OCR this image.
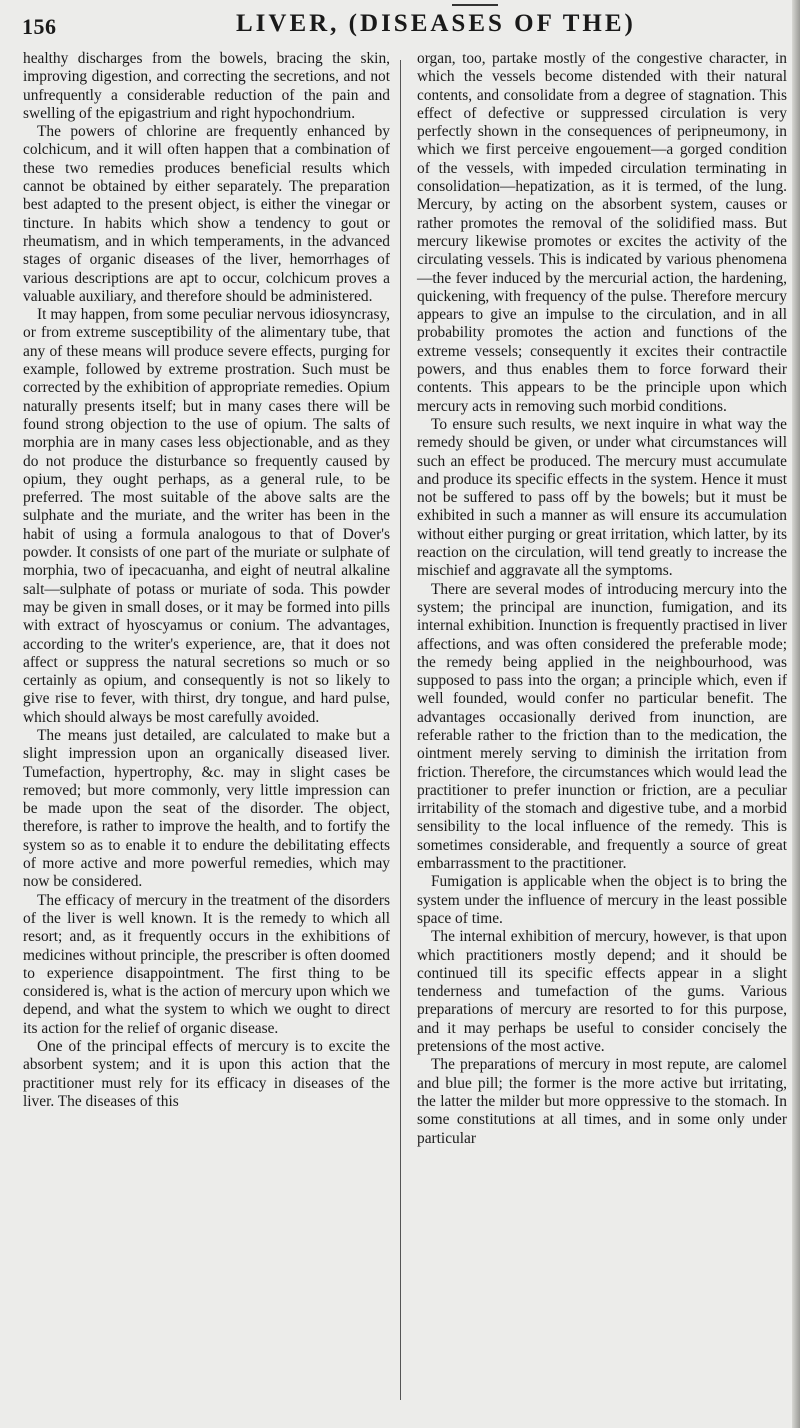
156	LIVER, (DISEASES OF THE)

healthy discharges from the bowels, bracing the skin, improving digestion, and correcting the secretions, and not unfrequently a considerable reduction of the pain and swelling of the epigastrium and right hypochondrium.

The powers of chlorine are frequently enhanced by colchicum, and it will often happen that a combination of these two remedies produces beneficial results which cannot be obtained by either separately. The preparation best adapted to the present object, is either the vinegar or tincture. In habits which show a tendency to gout or rheumatism, and in which temperaments, in the advanced stages of organic diseases of the liver, hemorrhages of various descriptions are apt to occur, colchicum proves a valuable auxiliary, and therefore should be administered.

It may happen, from some peculiar nervous idiosyncrasy, or from extreme susceptibility of the alimentary tube, that any of these means will produce severe effects, purging for example, followed by extreme prostration. Such must be corrected by the exhibition of appropriate remedies. Opium naturally presents itself; but in many cases there will be found strong objection to the use of opium. The salts of morphia are in many cases less objectionable, and as they do not produce the disturbance so frequently caused by opium, they ought perhaps, as a general rule, to be preferred. The most suitable of the above salts are the sulphate and the muriate, and the writer has been in the habit of using a formula analogous to that of Dover's powder. It consists of one part of the muriate or sulphate of morphia, two of ipecacuanha, and eight of neutral alkaline salt—sulphate of potass or muriate of soda. This powder may be given in small doses, or it may be formed into pills with extract of hyoscyamus or conium. The advantages, according to the writer's experience, are, that it does not affect or suppress the natural secretions so much or so certainly as opium, and consequently is not so likely to give rise to fever, with thirst, dry tongue, and hard pulse, which should always be most carefully avoided.

The means just detailed, are calculated to make but a slight impression upon an organically diseased liver. Tumefaction, hypertrophy, &c. may in slight cases be removed; but more commonly, very little impression can be made upon the seat of the disorder. The object, therefore, is rather to improve the health, and to fortify the system so as to enable it to endure the debilitating effects of more active and more powerful remedies, which may now be considered.

The efficacy of mercury in the treatment of the disorders of the liver is well known. It is the remedy to which all resort; and, as it frequently occurs in the exhibitions of medicines without principle, the prescriber is often doomed to experience disappointment. The first thing to be considered is, what is the action of mercury upon which we depend, and what the system to which we ought to direct its action for the relief of organic disease.

One of the principal effects of mercury is to excite the absorbent system; and it is upon this action that the practitioner must rely for its efficacy in diseases of the liver. The diseases of this

organ, too, partake mostly of the congestive character, in which the vessels become distended with their natural contents, and consolidate from a degree of stagnation. This effect of defective or suppressed circulation is very perfectly shown in the consequences of peripneumony, in which we first perceive engouement—a gorged condition of the vessels, with impeded circulation terminating in consolidation—hepatization, as it is termed, of the lung. Mercury, by acting on the absorbent system, causes or rather promotes the removal of the solidified mass. But mercury likewise promotes or excites the activity of the circulating vessels. This is indicated by various phenomena —the fever induced by the mercurial action, the hardening, quickening, with frequency of the pulse. Therefore mercury appears to give an impulse to the circulation, and in all probability promotes the action and functions of the extreme vessels; consequently it excites their contractile powers, and thus enables them to force forward their contents. This appears to be the principle upon which mercury acts in removing such morbid conditions.

To ensure such results, we next inquire in what way the remedy should be given, or under what circumstances will such an effect be produced. The mercury must accumulate and produce its specific effects in the system. Hence it must not be suffered to pass off by the bowels; but it must be exhibited in such a manner as will ensure its accumulation without either purging or great irritation, which latter, by its reaction on the circulation, will tend greatly to increase the mischief and aggravate all the symptoms.

There are several modes of introducing mercury into the system; the principal are inunction, fumigation, and its internal exhibition. Inunction is frequently practised in liver affections, and was often considered the preferable mode; the remedy being applied in the neighbourhood, was supposed to pass into the organ; a principle which, even if well founded, would confer no particular benefit. The advantages occasionally derived from inunction, are referable rather to the friction than to the medication, the ointment merely serving to diminish the irritation from friction. Therefore, the circumstances which would lead the practitioner to prefer inunction or friction, are a peculiar irritability of the stomach and digestive tube, and a morbid sensibility to the local influence of the remedy. This is sometimes considerable, and frequently a source of great embarrassment to the practitioner.

Fumigation is applicable when the object is to bring the system under the influence of mercury in the least possible space of time.

The internal exhibition of mercury, however, is that upon which practitioners mostly depend; and it should be continued till its specific effects appear in a slight tenderness and tumefaction of the gums. Various preparations of mercury are resorted to for this purpose, and it may perhaps be useful to consider concisely the pretensions of the most active.

The preparations of mercury in most repute, are calomel and blue pill; the former is the more active but irritating, the latter the milder but more oppressive to the stomach. In some constitutions at all times, and in some only under particular
